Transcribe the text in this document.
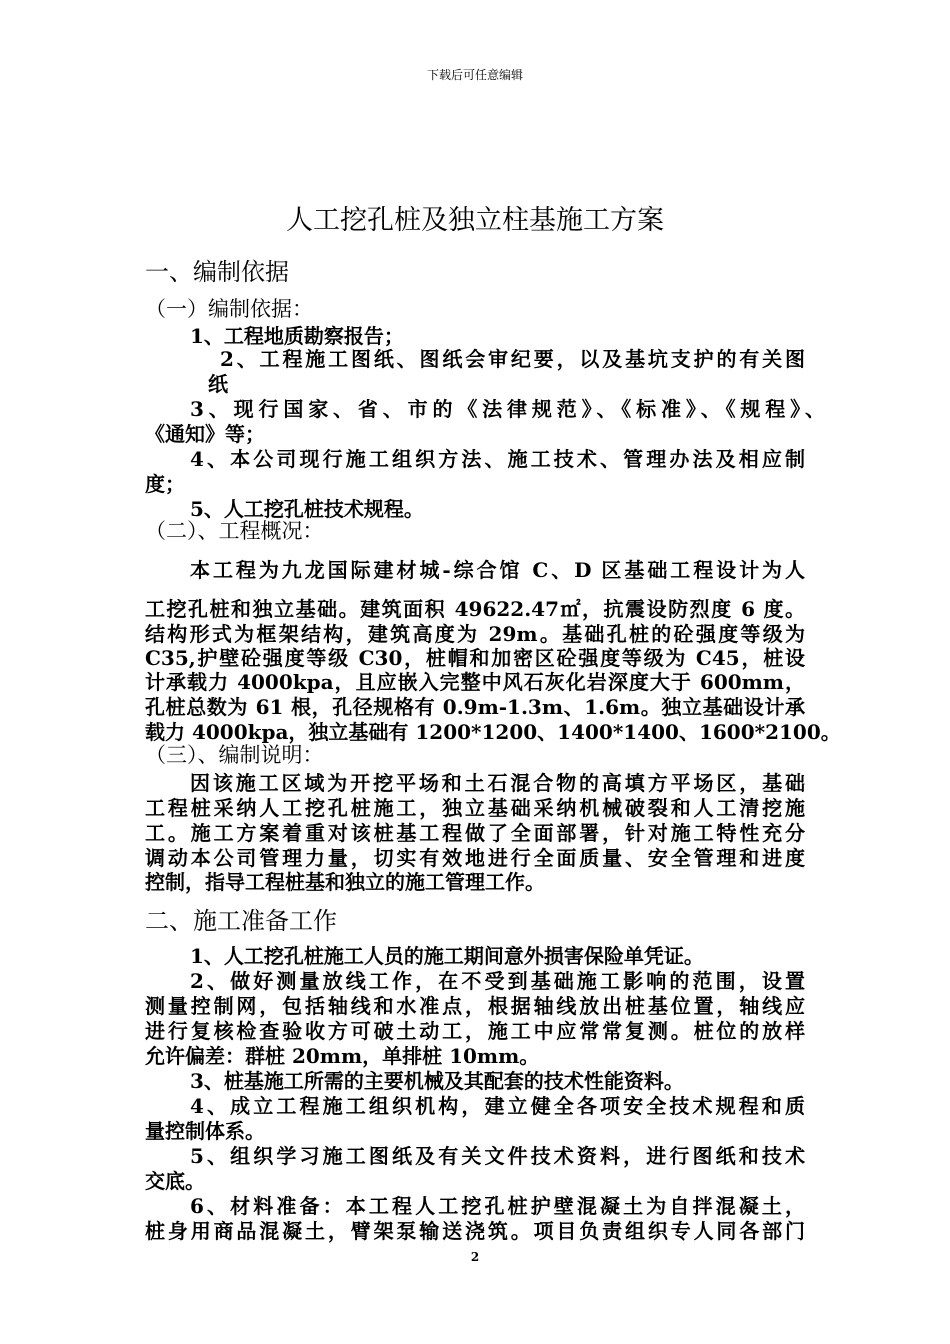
下载后可任意编辑
人工挖孔桩及独立柱基施工方案
一、编制依据
（一）编制依据：
1、工程地质勘察报告；
2、工程施工图纸、图纸会审纪要，以及基坑支护的有关图
纸
3、现行国家、省、市的《法律规范》、《标准》、《规程》、
《通知》等；
4、本公司现行施工组织方法、施工技术、管理办法及相应制
度；
5、人工挖孔桩技术规程。
（二）、工程概况：
本工程为九龙国际建材城-综合馆 C、D 区基础工程设计为人
工挖孔桩和独立基础。建筑面积 49622.47㎡，抗震设防烈度 6 度。
结构形式为框架结构，建筑高度为 29m。基础孔桩的砼强度等级为
C35,护壁砼强度等级 C30，桩帽和加密区砼强度等级为 C45，桩设
计承载力 4000kpa，且应嵌入完整中风石灰化岩深度大于 600mm，
孔桩总数为 61 根，孔径规格有 0.9m-1.3m、1.6m。独立基础设计承
载力 4000kpa，独立基础有 1200*1200、1400*1400、1600*2100。
（三）、编制说明：
因该施工区域为开挖平场和土石混合物的高填方平场区，基础
工程桩采纳人工挖孔桩施工，独立基础采纳机械破裂和人工清挖施
工。施工方案着重对该桩基工程做了全面部署，针对施工特性充分
调动本公司管理力量，切实有效地进行全面质量、安全管理和进度
控制，指导工程桩基和独立的施工管理工作。
二、施工准备工作
1、人工挖孔桩施工人员的施工期间意外损害保险单凭证。
2、做好测量放线工作，在不受到基础施工影响的范围，设置
测量控制网，包括轴线和水准点，根据轴线放出桩基位置，轴线应
进行复核检查验收方可破土动工，施工中应常常复测。桩位的放样
允许偏差：群桩 20mm，单排桩 10mm。
3、桩基施工所需的主要机械及其配套的技术性能资料。
4、成立工程施工组织机构，建立健全各项安全技术规程和质
量控制体系。
5、组织学习施工图纸及有关文件技术资料，进行图纸和技术
交底。
6、材料准备：本工程人工挖孔桩护壁混凝土为自拌混凝土，
桩身用商品混凝土，臂架泵输送浇筑。项目负责组织专人同各部门
2
